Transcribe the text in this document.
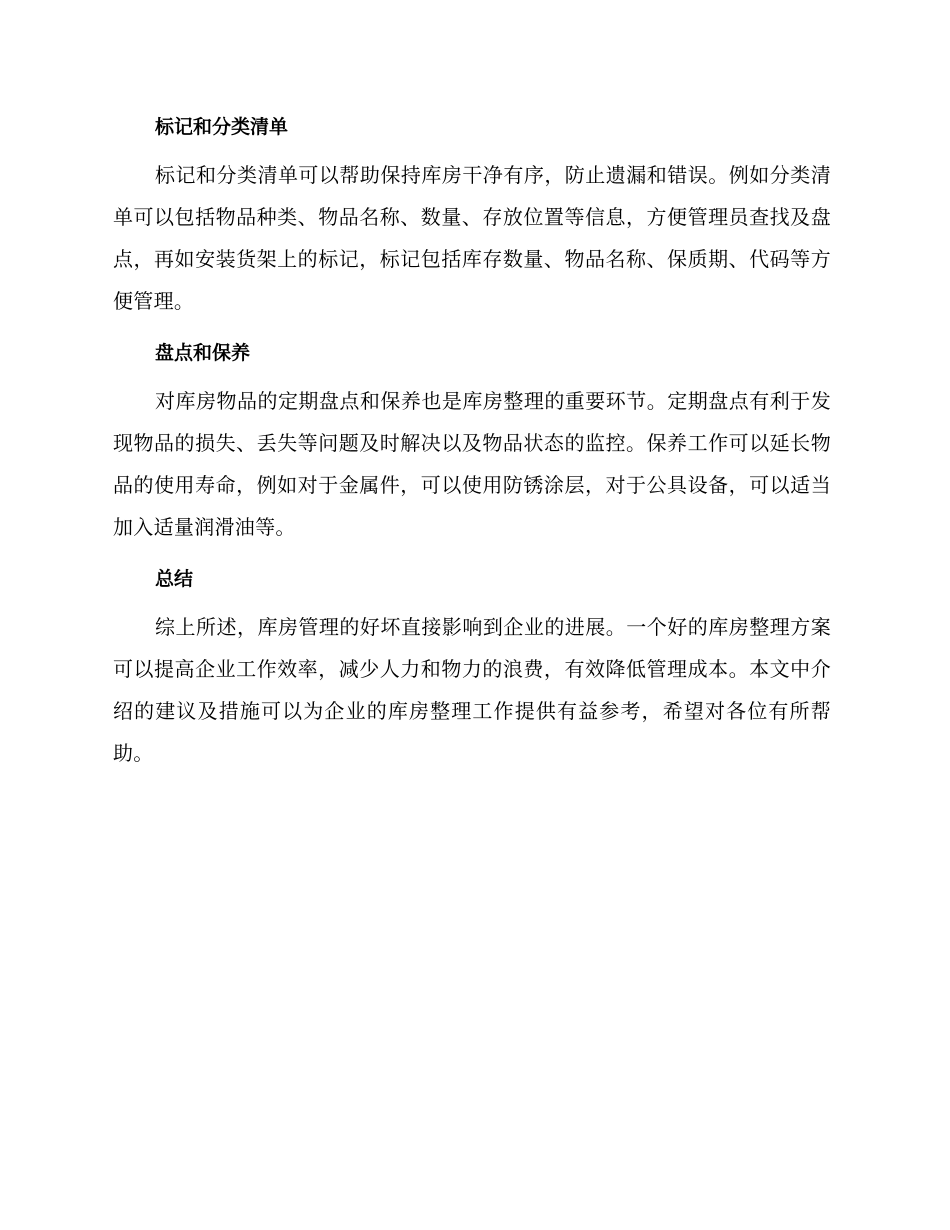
标记和分类清单

标记和分类清单可以帮助保持库房干净有序，防止遗漏和错误。例如分类清单可以包括物品种类、物品名称、数量、存放位置等信息，方便管理员查找及盘点，再如安装货架上的标记，标记包括库存数量、物品名称、保质期、代码等方便管理。

盘点和保养

对库房物品的定期盘点和保养也是库房整理的重要环节。定期盘点有利于发现物品的损失、丢失等问题及时解决以及物品状态的监控。保养工作可以延长物品的使用寿命，例如对于金属件，可以使用防锈涂层，对于公具设备，可以适当加入适量润滑油等。

总结

综上所述，库房管理的好坏直接影响到企业的进展。一个好的库房整理方案可以提高企业工作效率，减少人力和物力的浪费，有效降低管理成本。本文中介绍的建议及措施可以为企业的库房整理工作提供有益参考，希望对各位有所帮助。
